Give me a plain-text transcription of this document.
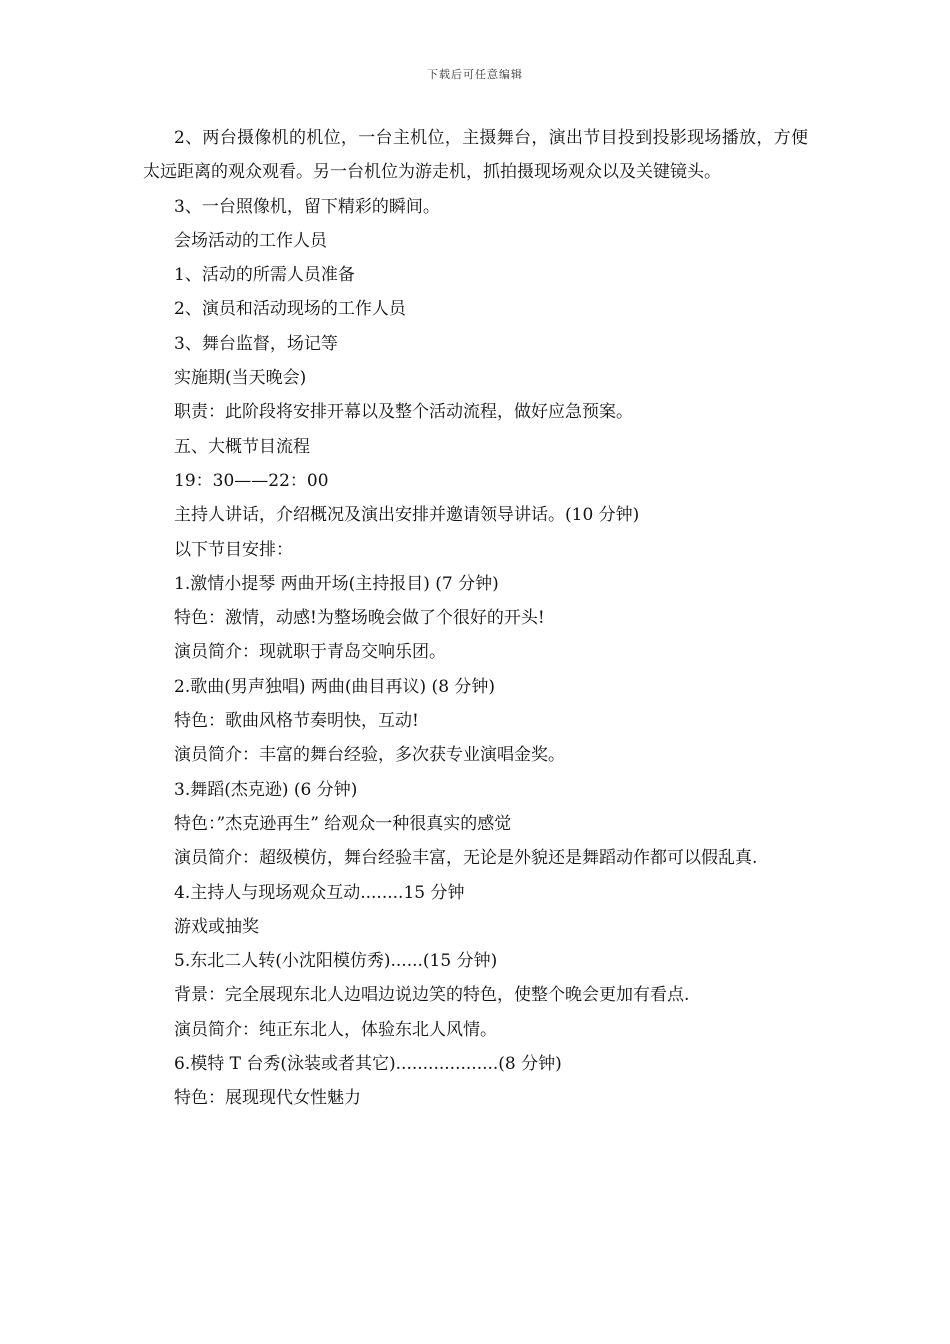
下载后可任意编辑

2、两台摄像机的机位，一台主机位，主摄舞台，演出节目投到投影现场播放，方便太远距离的观众观看。另一台机位为游走机，抓拍摄现场观众以及关键镜头。

3、一台照像机，留下精彩的瞬间。

会场活动的工作人员

1、活动的所需人员准备

2、演员和活动现场的工作人员

3、舞台监督，场记等

实施期(当天晚会)

职责：此阶段将安排开幕以及整个活动流程，做好应急预案。

五、大概节目流程

19：30——22：00

主持人讲话，介绍概况及演出安排并邀请领导讲话。(10 分钟)

以下节目安排：

1.激情小提琴 两曲开场(主持报目) (7 分钟)

特色：激情，动感!为整场晚会做了个很好的开头!

演员简介：现就职于青岛交响乐团。

2.歌曲(男声独唱) 两曲(曲目再议) (8 分钟)

特色：歌曲风格节奏明快，互动!

演员简介：丰富的舞台经验，多次获专业演唱金奖。

3.舞蹈(杰克逊) (6 分钟)

特色：”杰克逊再生” 给观众一种很真实的感觉

演员简介：超级模仿，舞台经验丰富，无论是外貌还是舞蹈动作都可以假乱真.

4.主持人与现场观众互动........15 分钟

游戏或抽奖

5.东北二人转(小沈阳模仿秀)......(15 分钟)

背景：完全展现东北人边唱边说边笑的特色，使整个晚会更加有看点.

演员简介：纯正东北人，体验东北人风情。

6.模特 T 台秀(泳装或者其它)...................(8 分钟)

特色：展现现代女性魅力
